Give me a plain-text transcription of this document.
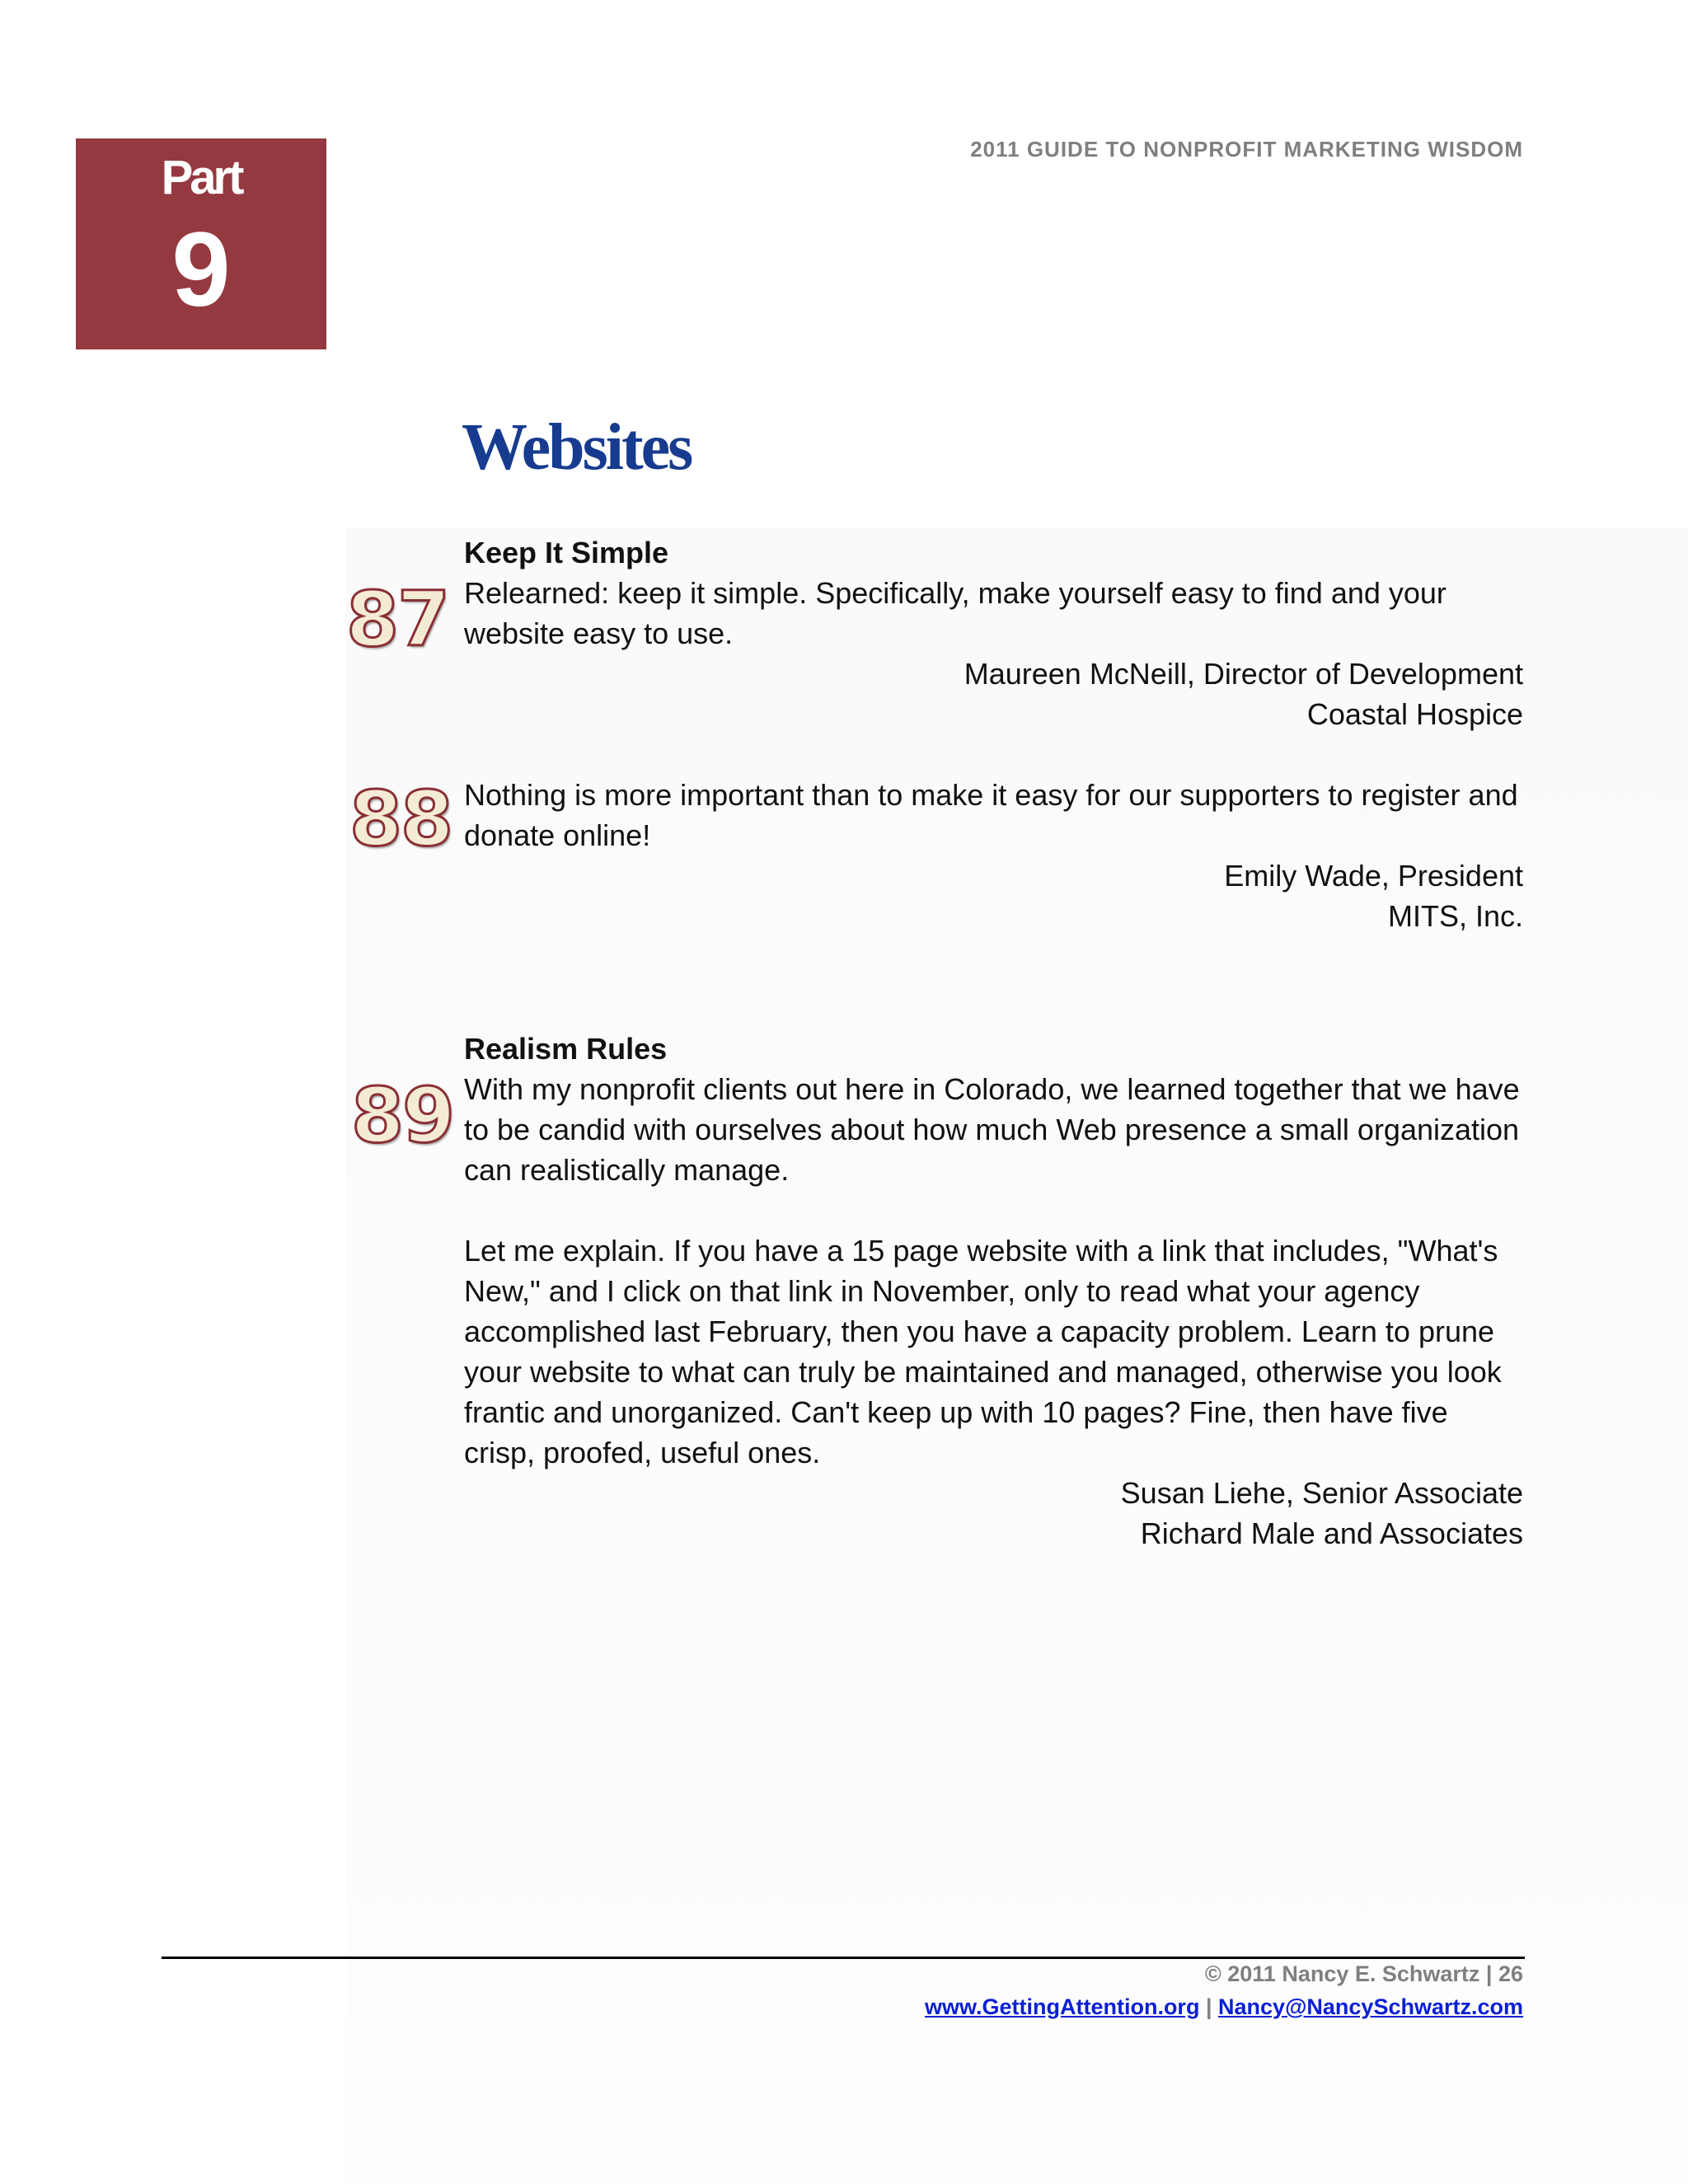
Part
9
2011 GUIDE TO NONPROFIT MARKETING WISDOM
Websites
87
Keep It Simple

Relearned: keep it simple. Specifically, make yourself easy to find and your website easy to use.

Maureen McNeill, Director of Development
Coastal Hospice
88 Nothing is more important than to make it easy for our supporters to register and donate online!

Emily Wade, President
MITS, Inc.
89
Realism Rules

With my nonprofit clients out here in Colorado, we learned together that we have to be candid with ourselves about how much Web presence a small organization can realistically manage.

Let me explain. If you have a 15 page website with a link that includes, "What's New," and I click on that link in November, only to read what your agency accomplished last February, then you have a capacity problem. Learn to prune your website to what can truly be maintained and managed, otherwise you look frantic and unorganized. Can't keep up with 10 pages? Fine, then have five crisp, proofed, useful ones.

Susan Liehe, Senior Associate
Richard Male and Associates
© 2011 Nancy E. Schwartz | 26
www.GettingAttention.org | Nancy@NancySchwartz.com
